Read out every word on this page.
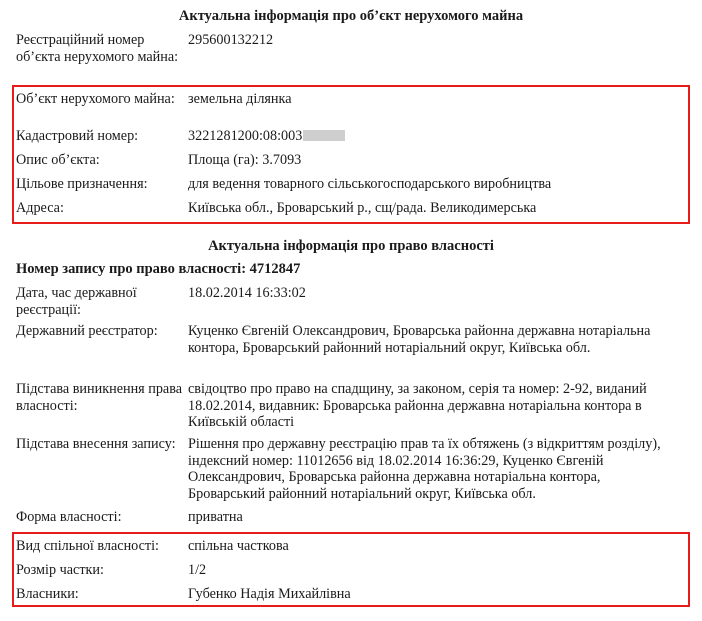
Актуальна інформація про об’єкт нерухомого майна
Реєстраційний номер об’єкта нерухомого майна:
295600132212
Об’єкт нерухомого майна: земельна ділянка
Кадастровий номер:	3221281200:08:003
Опис об’єкта:	Площа (га): 3.7093
Цільове призначення:	для ведення товарного сільськогосподарського виробництва
Адреса:	Київська обл., Броварський р., сщ/рада. Великодимерська
Актуальна інформація про право власності
Номер запису про право власності: 4712847
Дата, час державної реєстрації:
18.02.2014 16:33:02
Державний реєстратор:	Куценко Євгеній Олександрович, Броварська районна державна нотаріальна контора, Броварський районний нотаріальний округ, Київська обл.
Підстава виникнення права власності:
свідоцтво про право на спадщину, за законом, серія та номер: 2-92, виданий 18.02.2014, видавник: Броварська районна державна нотаріальна контора в Київській області
Підстава внесення запису: Рішення про державну реєстрацію прав та їх обтяжень (з відкриттям розділу), індексний номер: 11012656 від 18.02.2014 16:36:29, Куценко Євгеній Олександрович, Броварська районна державна нотаріальна контора, Броварський районний нотаріальний округ, Київська обл.
Форма власності:	приватна
Вид спільної власності:	спільна часткова
Розмір частки:	1/2
Власники:	Губенко Надія Михайлівна
